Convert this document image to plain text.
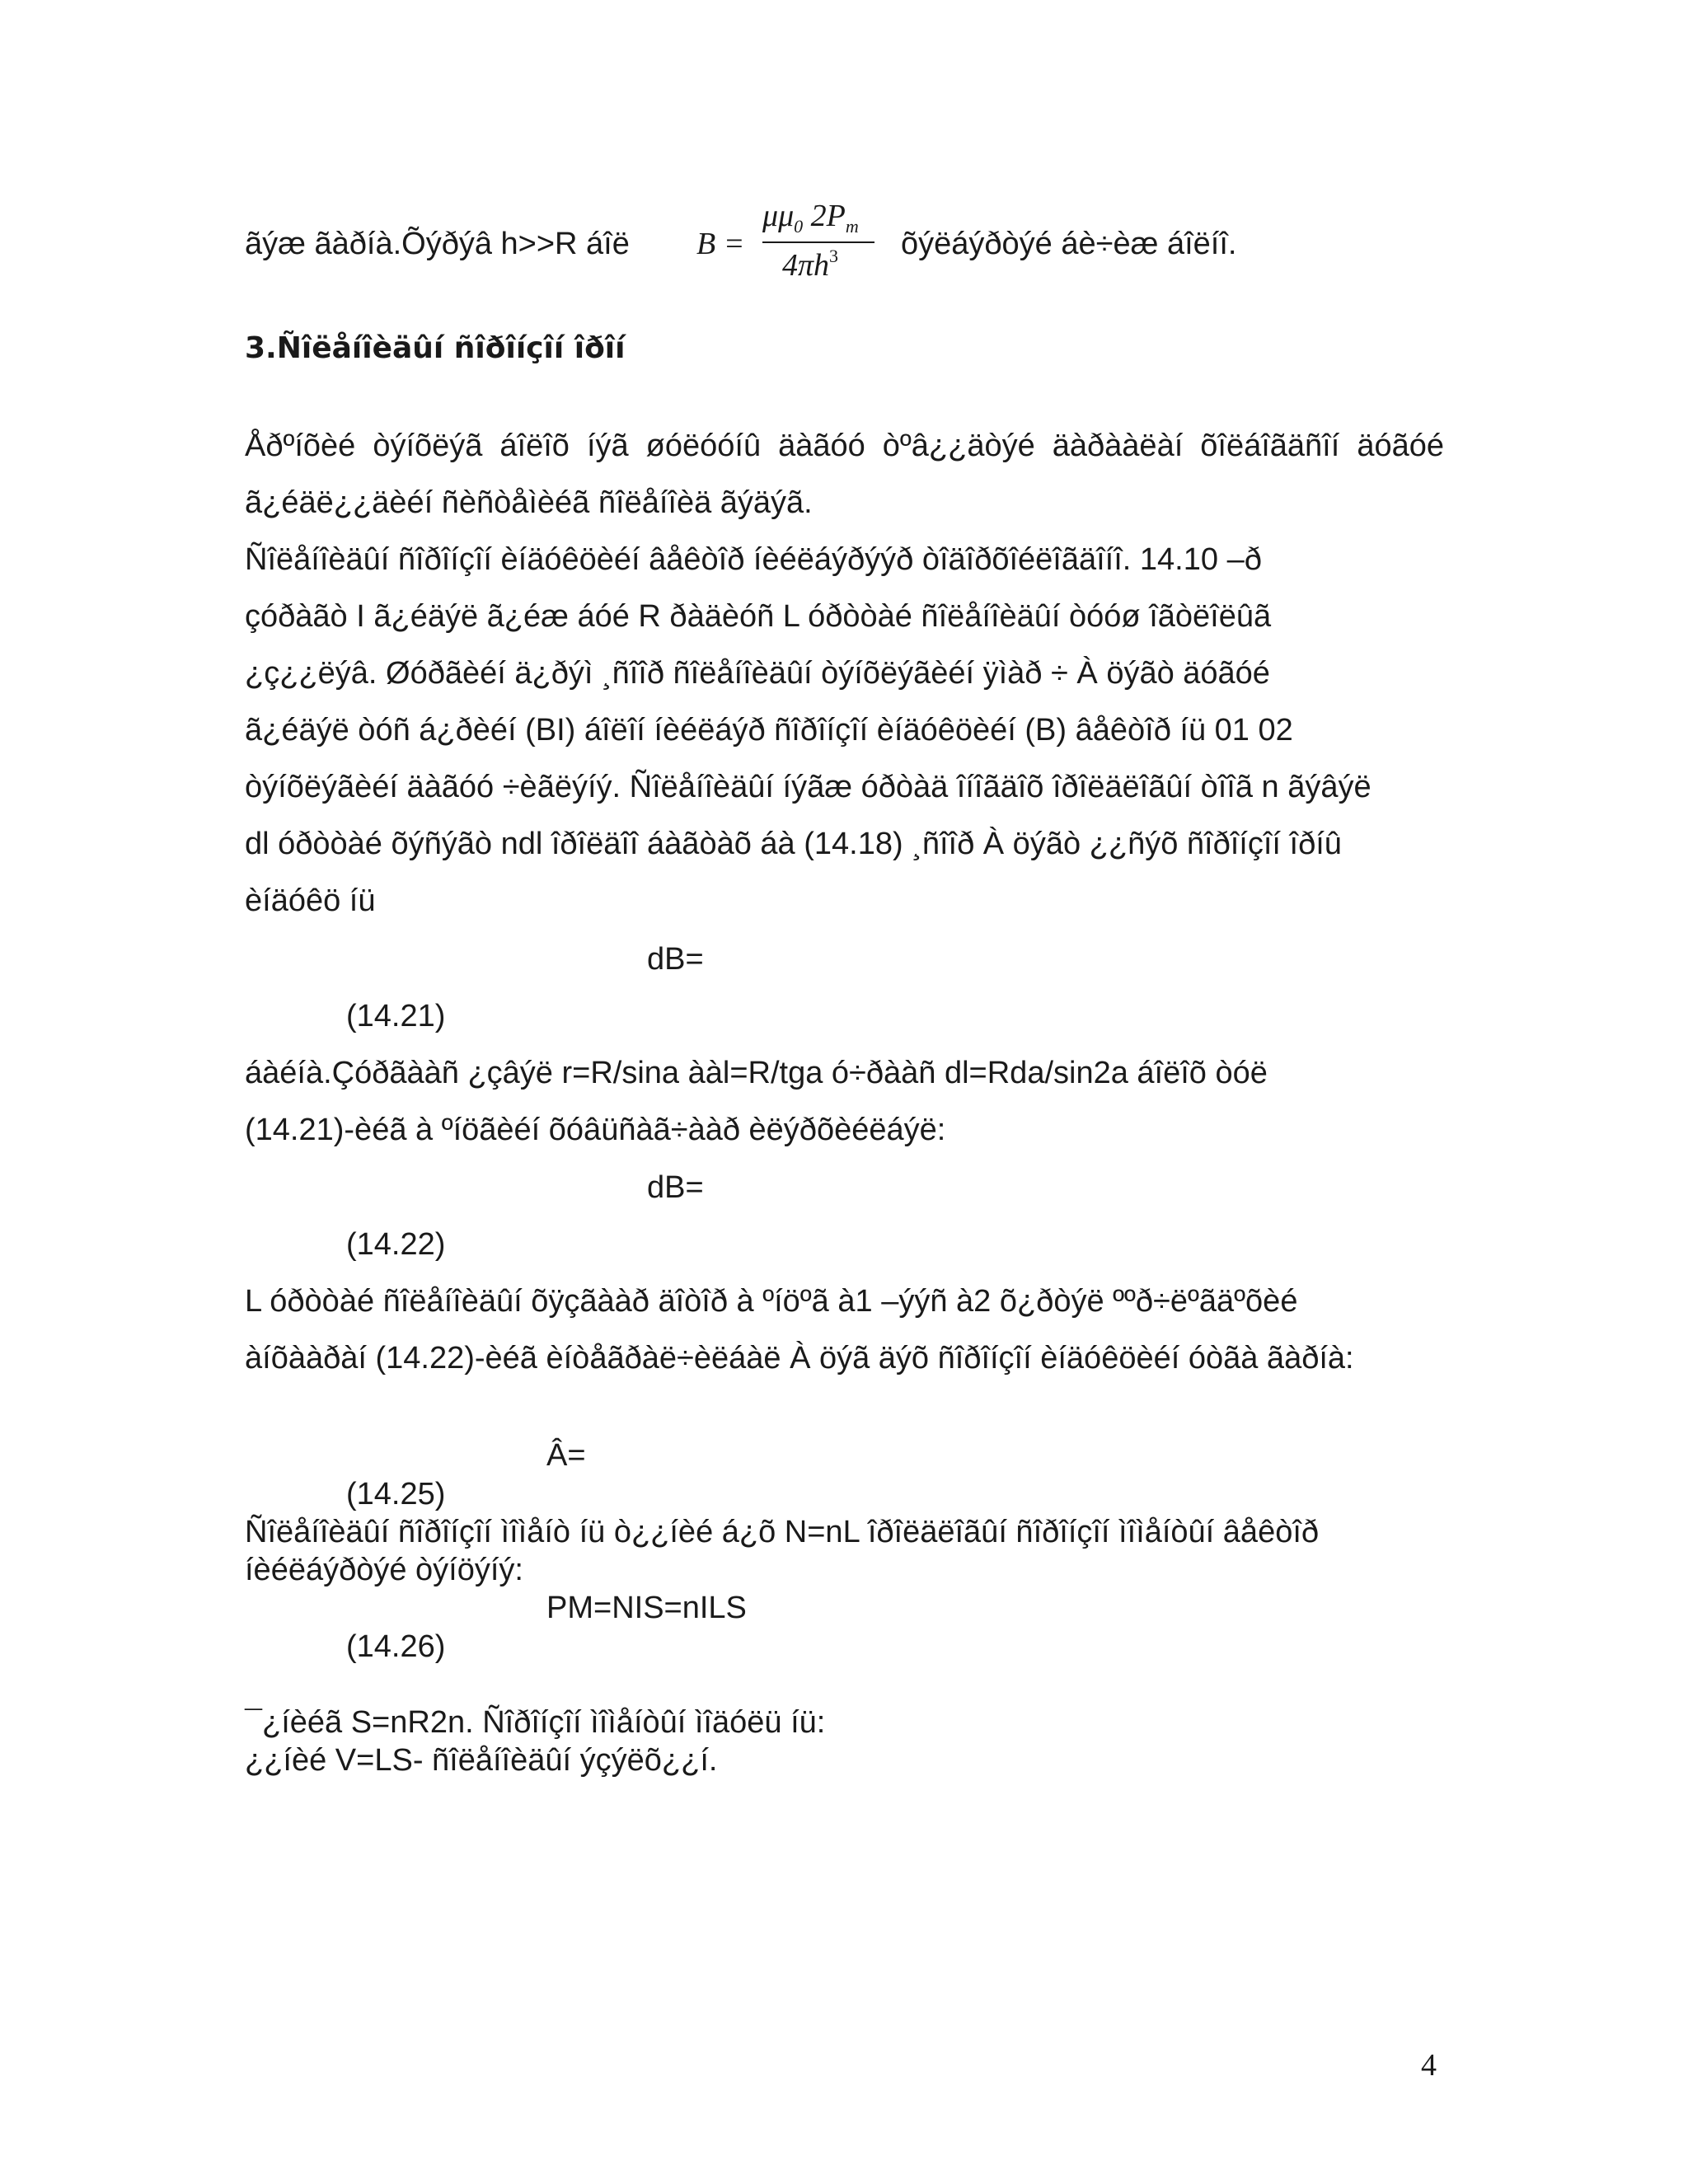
ãýæ ãàðíà.Õýðýâ h>>R áîë B =
$\mu\mu_0$ $2P_m$
$4\pi h^3$ õýëáýðòýé áè÷èæ áîëíî.
3.Ñîëåíîèäûí ñîðîíçîí îðîí
Åðºíõèé òýíõëýã áîëîõ íýã øóëóóíû äàãóó òºâ¿¿äòýé äàðààëàí õîëáîãäñîí äóãóé
ã¿éäë¿¿äèéí ñèñòåìèéã ñîëåíîèä ãýäýã.
Ñîëåíîèäûí ñîðîíçîí èíäóêöèéí âåêòîð íèéëáýðýýð òîäîðõîéëîãäîíî. 14.10 –ð
çóðàãò I ã¿éäýë ã¿éæ áóé R ðàäèóñ L óðòòàé ñîëåíîèäûí òóóø îãòëîëûã
¿ç¿¿ëýâ. Øóðãèéí ä¿ðýì ¸ñîîð ñîëåíîèäûí òýíõëýãèéí ÿìàð ÷ À öýãò äóãóé
ã¿éäýë òóñ á¿ðèéí (BI) áîëîí íèéëáýð ñîðîíçîí èíäóêöèéí (B) âåêòîð íü 01 02
òýíõëýãèéí äàãóó ÷èãëýíý. Ñîëåíîèäûí íýãæ óðòàä îíîãäîõ îðîëäëîãûí òîîã n ãýâýë
dl óðòòàé õýñýãò ndl îðîëäîî áàãòàõ áà (14.18) ¸ñîîð À öýãò ¿¿ñýõ ñîðîíçîí îðíû
èíäóêö íü
dB=
(14.21)
áàéíà.Çóðãààñ ¿çâýë r=R/sina ààl=R/tga ó÷ðààñ dl=Rda/sin2a áîëîõ òóë
(14.21)-èéã à ºíöãèéí õóâüñàã÷ààð èëýðõèéëáýë:
dB=
(14.22)
L óðòòàé ñîëåíîèäûí õÿçãààð äîòîð à ºíöºã à1 –ýýñ à2 õ¿ðòýë ººð÷ëºãäºõèé
àíõààðàí (14.22)-èéã èíòåãðàë÷èëáàë À öýã äýõ ñîðîíçîí èíäóêöèéí óòãà ãàðíà:
Â=
(14.25)
Ñîëåíîèäûí ñîðîíçîí ìîìåíò íü ò¿¿íèé á¿õ N=nL îðîëäëîãûí ñîðîíçîí ìîìåíòûí âåêòîð
íèéëáýðòýé òýíöýíý:
PM=NIS=nILS
(14.26)
¯¿íèéã S=nR2n. Ñîðîíçîí ìîìåíòûí ìîäóëü íü:
¿¿íèé V=LS- ñîëåíîèäûí ýçýëõ¿¿í.
4
